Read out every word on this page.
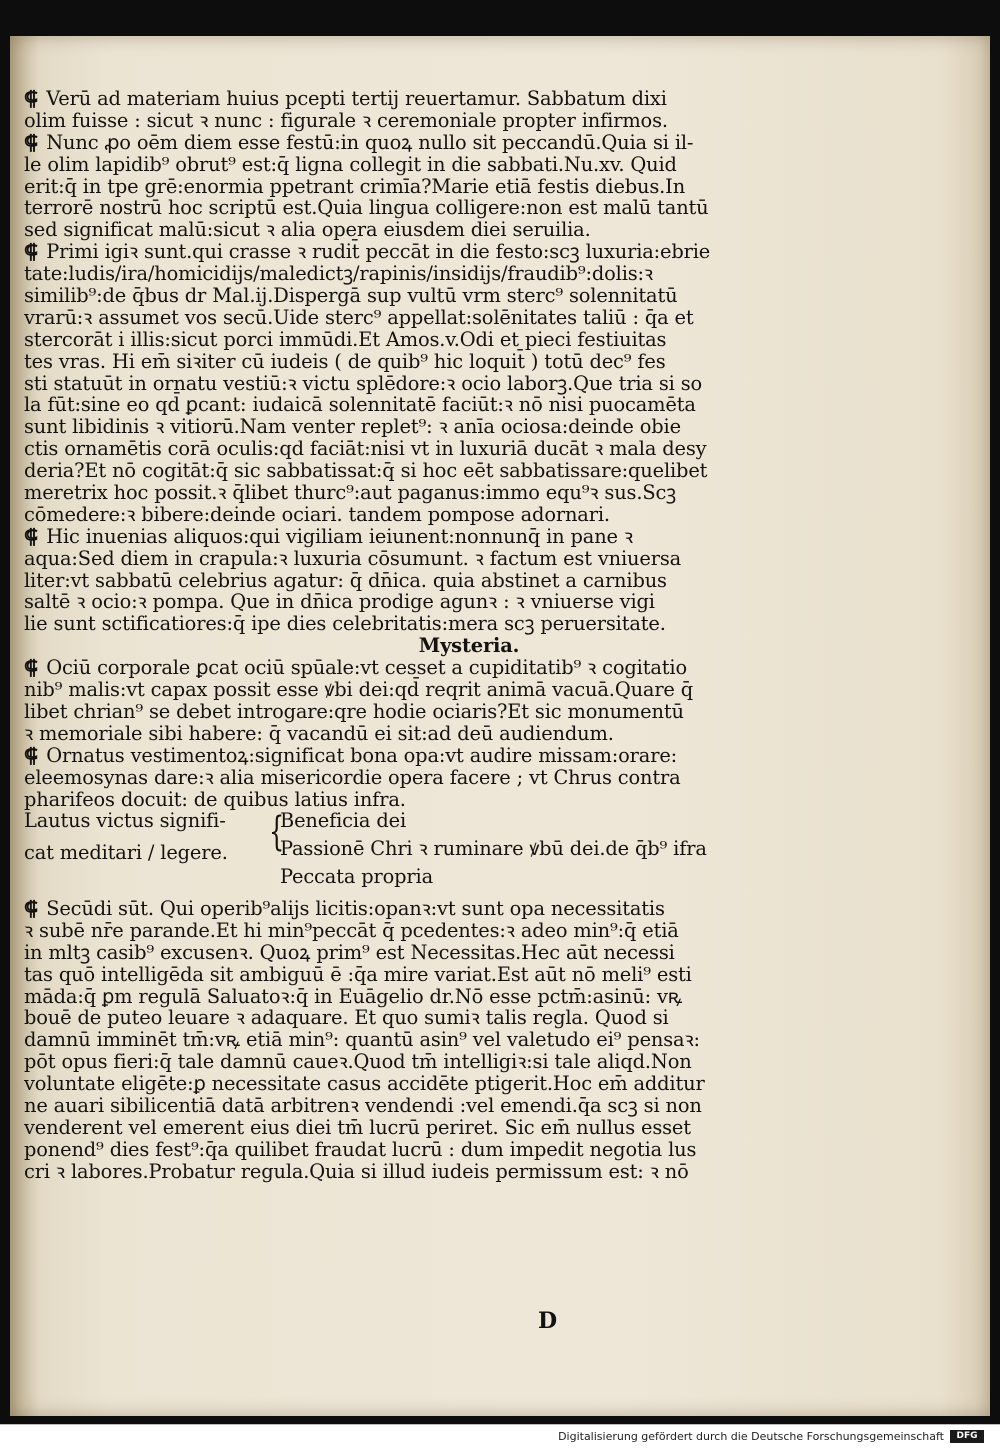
⸿ Verū ad materiam huius pcepti tertij reuertamur. Sabbatum dixi
olim fuisse : sicut ꝛ nunc : figurale ꝛ ceremoniale propter infirmos.
⸿ Nunc ꝓo oēm diem esse festū:in quoꝝ nullo sit peccandū.Quia si il-
le olim lapidib⁹ obrut⁹ est:q̄ ligna collegit in die sabbati.Nu.xv. Quid
erit:q̄ in tpe grē:enormia ppetrant crimīa?Marie etiā festis diebus.In
terrorē nostrū hoc scriptū est.Quia lingua colligere:non est malū tantū
sed significat malū:sicut ꝛ alia opera eiusdem diei seruilia.
⸿ Primi igiꝛ sunt.qui crasse ꝛ rudit̄ peccāt in die festo:scꝫ luxuria:ebrie
tate:ludis/ira/homicidijs/maledictꝫ/rapinis/insidijs/fraudib⁹:dolis:ꝛ
similib⁹:de q̄bus dr Mal.ij.Dispergā sup vultū vrm sterc⁹ solennitatū
vrarū:ꝛ assumet vos secū.Uide sterc⁹ appellat:solēnitates taliū : q̄a et
stercorāt i illis:sicut porci immūdi.Et Amos.v.Odi et pieci festiuitas
tes vras. Hi em̄ siꝛiter cū iudeis ( de quib⁹ hic loquit̄ ) totū dec⁹ fes
sti statuūt in ornatu vestiū:ꝛ victu splēdore:ꝛ ocio laborꝫ.Que tria si so
la fūt:sine eo qd̄ ꝑcant: iudaicā solennitatē faciūt:ꝛ nō nisi puocamēta
sunt libidinis ꝛ vitiorū.Nam venter replet⁹: ꝛ anīa ociosa:deinde obie
ctis ornamētis corā oculis:qd faciāt:nisi vt in luxuriā ducāt ꝛ mala desy
deria?Et nō cogitāt:q̄ sic sabbatissat:q̄ si hoc eēt sabbatissare:quelibet
meretrix hoc possit.ꝛ q̄libet thurc⁹:aut paganus:immo equ⁹ꝛ sus.Scꝫ
cōmedere:ꝛ bibere:deinde ociari. tandem pompose adornari.
⸿ Hic inuenias aliquos:qui vigiliam ieiunent:nonnunq̄ in pane ꝛ
aqua:Sed diem in crapula:ꝛ luxuria cōsumunt. ꝛ factum est vniuersa
liter:vt sabbatū celebrius agatur: q̄ dn̄ica. quia abstinet a carnibus
saltē ꝛ ocio:ꝛ pompa. Que in dn̄ica prodige agunꝛ : ꝛ vniuerse vigi
lie sunt sctificatiores:q̄ ipe dies celebritatis:mera scꝫ peruersitate.
Mysteria.
⸿ Ociū corporale ꝑcat ociū spūale:vt cesset a cupiditatib⁹ ꝛ cogitatio
nib⁹ malis:vt capax possit esse ꝟbi dei:qd̄ reqrit animā vacuā.Quare q̄
libet chrian⁹ se debet introgare:qre hodie ociaris?Et sic monumentū
ꝛ memoriale sibi habere: q̄ vacandū ei sit:ad deū audiendum.
⸿ Ornatus vestimentoꝝ:significat bona opa:vt audire missam:orare:
eleemosynas dare:ꝛ alia misericordie opera facere ; vt Chrus contra
pharifeos docuit: de quibus latius infra.
Lautus victus signifi-
cat meditari / legere. {
Beneficia dei
Passionē Chri ꝛ ruminare ꝟbū dei.de q̄b⁹ ifra
Peccata propria
⸿ Secūdi sūt. Qui operib⁹alijs licitis:opanꝛ:vt sunt opa necessitatis
ꝛ subē nr̄e parande.Et hi min⁹peccāt q̄ pcedentes:ꝛ adeo min⁹:q̄ etiā
in mltꝫ casib⁹ excusenꝛ. Quoꝝ prim⁹ est Necessitas.Hec aūt necessi
tas quō intelligēda sit ambiguū ē :q̄a mire variat.Est aūt nō meli⁹ esti
māda:q̄ ꝑm regulā Saluatoꝛ:q̄ in Euāgelio dr.Nō esse pctm̄:asinū: vꝶ
bouē de puteo leuare ꝛ adaquare. Et quo sumiꝛ talis regla. Quod si
damnū imminēt tm̄:vꝶ etiā min⁹: quantū asin⁹ vel valetudo ei⁹ pensaꝛ:
pōt opus fieri:q̄ tale damnū caueꝛ.Quod tm̄ intelligiꝛ:si tale aliqd.Non
voluntate eligēte:ꝑ necessitate casus accidēte ptigerit.Hoc em̄ additur
ne auari sibilicentiā datā arbitrenꝛ vendendi :vel emendi.q̄a scꝫ si non
venderent vel emerent eius diei tm̄ lucrū periret. Sic em̄ nullus esset
ponend⁹ dies fest⁹:q̄a quilibet fraudat lucrū : dum impedit negotia lus
cri ꝛ labores.Probatur regula.Quia si illud iudeis permissum est: ꝛ nō
D
Digitalisierung gefördert durch die Deutsche Forschungsgemeinschaft	DFG
